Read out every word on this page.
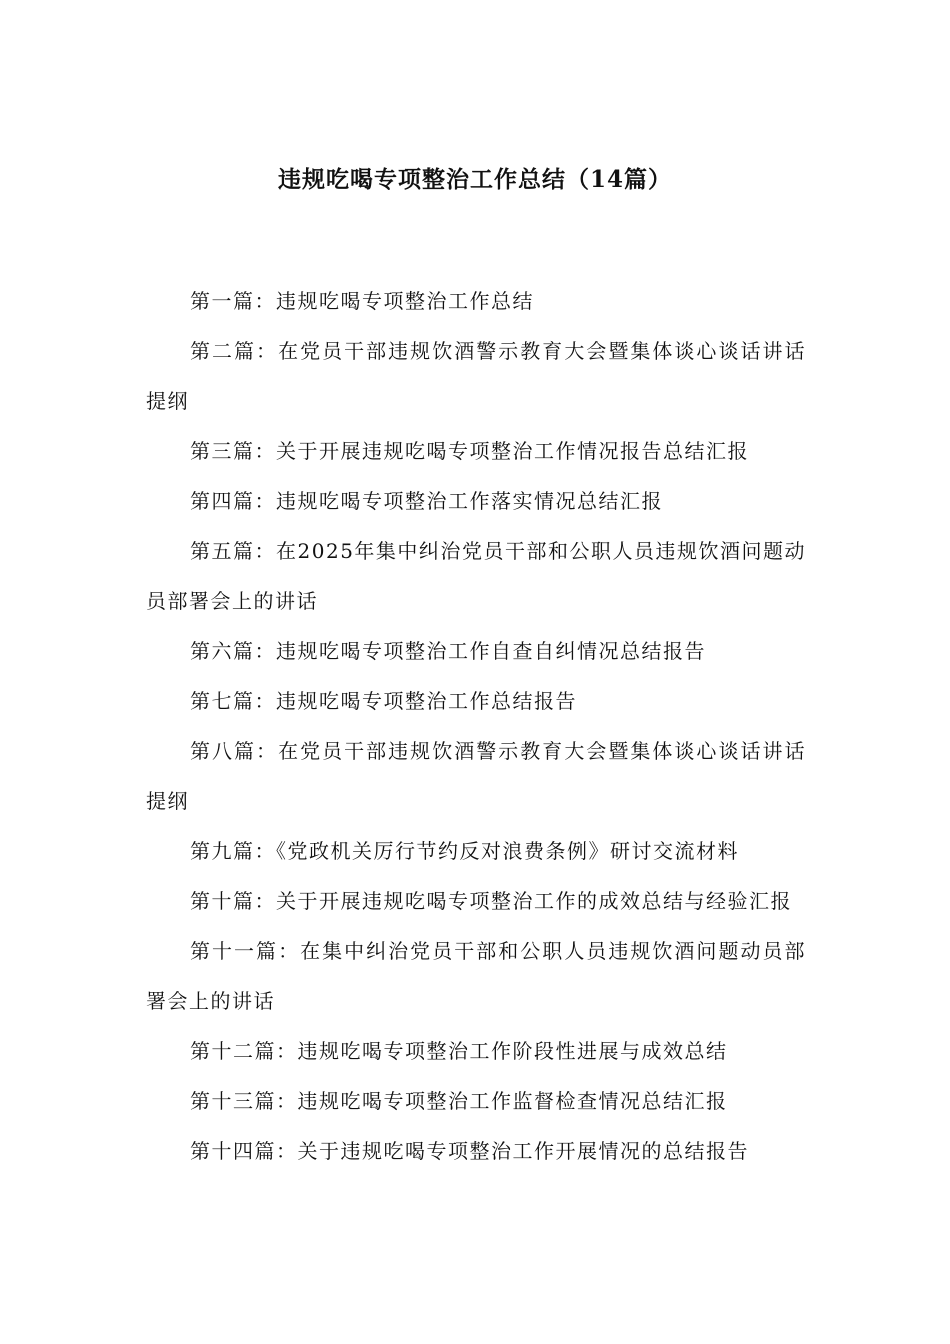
违规吃喝专项整治工作总结（14篇）
第一篇：违规吃喝专项整治工作总结
第二篇：在党员干部违规饮酒警示教育大会暨集体谈心谈话讲话提纲
第三篇：关于开展违规吃喝专项整治工作情况报告总结汇报
第四篇：违规吃喝专项整治工作落实情况总结汇报
第五篇：在2025年集中纠治党员干部和公职人员违规饮酒问题动员部署会上的讲话
第六篇：违规吃喝专项整治工作自查自纠情况总结报告
第七篇：违规吃喝专项整治工作总结报告
第八篇：在党员干部违规饮酒警示教育大会暨集体谈心谈话讲话提纲
第九篇：《党政机关厉行节约反对浪费条例》研讨交流材料
第十篇：关于开展违规吃喝专项整治工作的成效总结与经验汇报
第十一篇：在集中纠治党员干部和公职人员违规饮酒问题动员部署会上的讲话
第十二篇：违规吃喝专项整治工作阶段性进展与成效总结
第十三篇：违规吃喝专项整治工作监督检查情况总结汇报
第十四篇：关于违规吃喝专项整治工作开展情况的总结报告
